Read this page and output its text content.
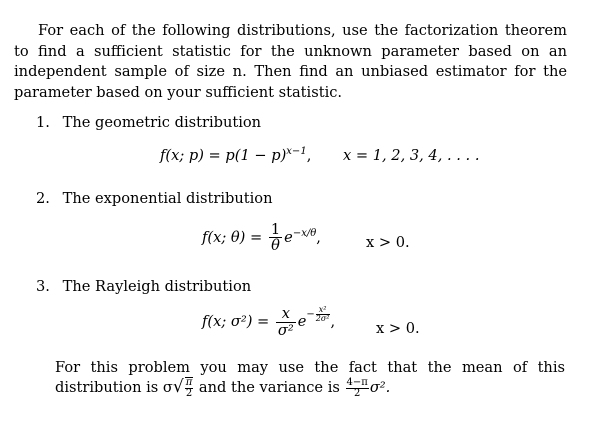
For each of the following distributions, use the factorization theorem to find a sufficient statistic for the unknown parameter based on an independent sample of size n. Then find an unbiased estimator for the parameter based on your sufficient statistic.
1. The geometric distribution
f(x; $p) = p(1 - p)^{x-1}$, x = 1, 2, 3, 4, . . . .
2. The exponential distribution
f(x; $\theta) = \frac{1}{\theta} e^{-x/\theta}$,	x > 0.
3. The Rayleigh distribution
f(x; $\sigma^2) = \frac{x}{\text{σ²}} e^{- \frac{\text{x²}}{\text{2σ²}}}$ ,	x > 0.
For this problem you may use the fact that the mean of this distribution is $\sigma√ \frac{\pi}{2}$ and the variance is $\frac{4-\pi}{2} \sigma^2$.
